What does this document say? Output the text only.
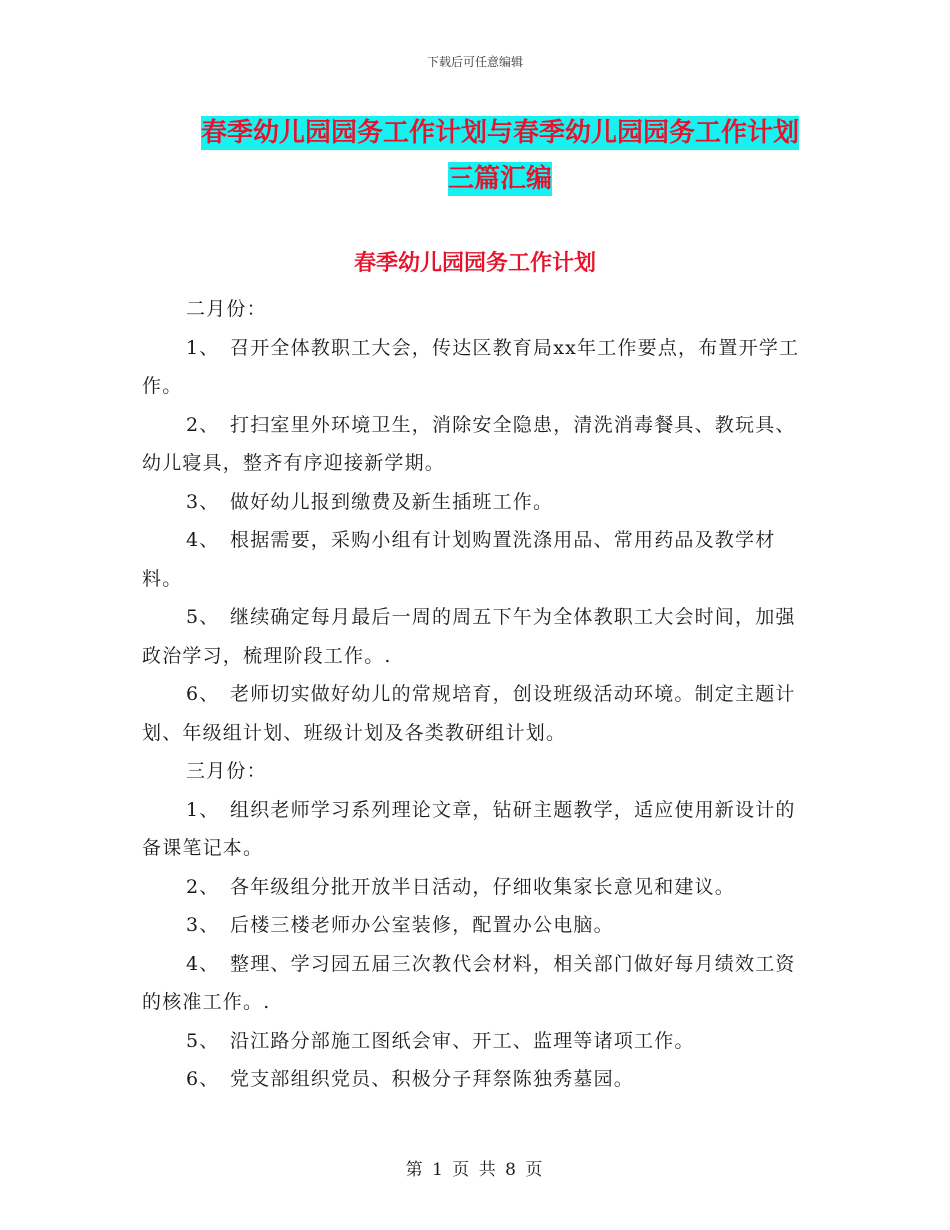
下载后可任意编辑
春季幼儿园园务工作计划与春季幼儿园园务工作计划
三篇汇编
春季幼儿园园务工作计划

二月份：

1、 召开全体教职工大会，传达区教育局xx年工作要点，布置开学工作。

2、 打扫室里外环境卫生，消除安全隐患，清洗消毒餐具、教玩具、幼儿寝具，整齐有序迎接新学期。

3、 做好幼儿报到缴费及新生插班工作。

4、 根据需要，采购小组有计划购置洗涤用品、常用药品及教学材料。

5、 继续确定每月最后一周的周五下午为全体教职工大会时间，加强政治学习，梳理阶段工作。.

6、 老师切实做好幼儿的常规培育，创设班级活动环境。制定主题计划、年级组计划、班级计划及各类教研组计划。

三月份：

1、 组织老师学习系列理论文章，钻研主题教学，适应使用新设计的备课笔记本。

2、 各年级组分批开放半日活动，仔细收集家长意见和建议。

3、 后楼三楼老师办公室装修，配置办公电脑。

4、 整理、学习园五届三次教代会材料，相关部门做好每月绩效工资的核准工作。.

5、 沿江路分部施工图纸会审、开工、监理等诸项工作。

6、 党支部组织党员、积极分子拜祭陈独秀墓园。

第 1 页 共 8 页
